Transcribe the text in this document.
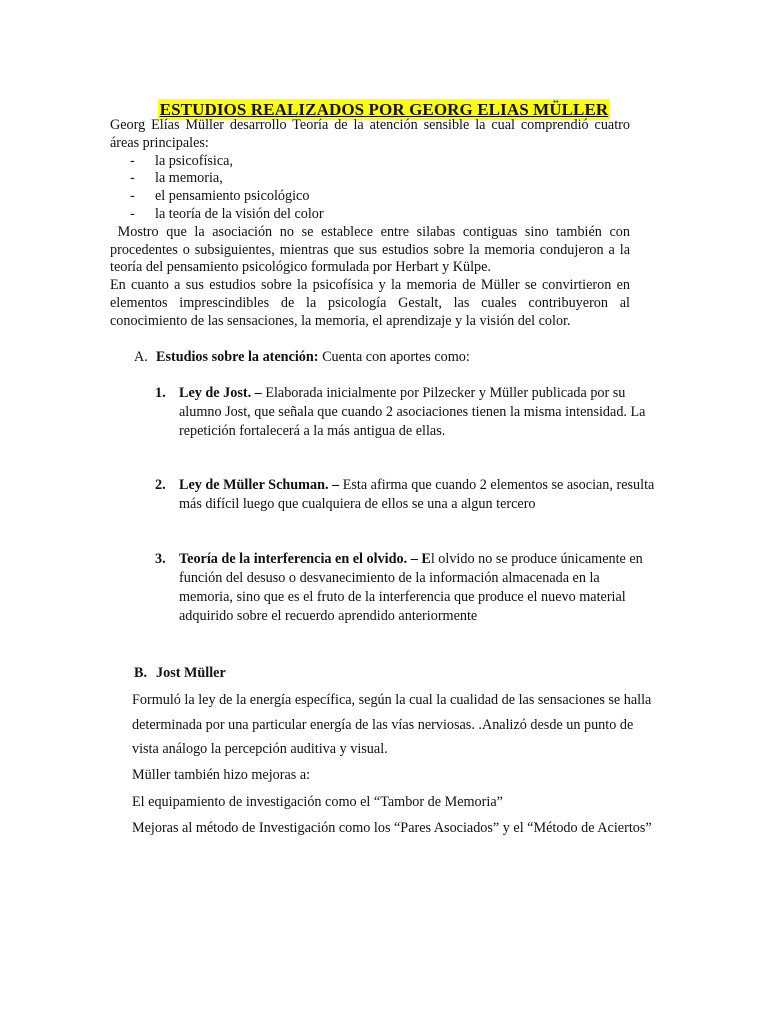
ESTUDIOS REALIZADOS POR GEORG ELIAS MÜLLER

Georg Elías Müller desarrollo Teoría de la atención sensible la cual comprendió cuatro áreas principales:

- la psicofísica,
- la memoria,
- el pensamiento psicológico
- la teoría de la visión del color

Mostro que la asociación no se establece entre silabas contiguas sino también con procedentes o subsiguientes, mientras que sus estudios sobre la memoria condujeron a la teoría del pensamiento psicológico formulada por Herbart y Külpe.

En cuanto a sus estudios sobre la psicofísica y la memoria de Müller se convirtieron en elementos imprescindibles de la psicología Gestalt, las cuales contribuyeron al conocimiento de las sensaciones, la memoria, el aprendizaje y la visión del color.

A. Estudios sobre la atención: Cuenta con aportes como:
1. Ley de Jost. – Elaborada inicialmente por Pilzecker y Müller publicada por su alumno Jost, que señala que cuando 2 asociaciones tienen la misma intensidad. La repetición fortalecerá a la más antigua de ellas.
2. Ley de Müller Schuman. – Esta afirma que cuando 2 elementos se asocian, resulta más difícil luego que cualquiera de ellos se una a algun tercero
3. Teoría de la interferencia en el olvido. – El olvido no se produce únicamente en función del desuso o desvanecimiento de la información almacenada en la memoria, sino que es el fruto de la interferencia que produce el nuevo material adquirido sobre el recuerdo aprendido anteriormente
B. Jost Müller

Formuló la ley de la energía específica, según la cual la cualidad de las sensaciones se halla determinada por una particular energía de las vías nerviosas. .Analizó desde un punto de vista análogo la percepción auditiva y visual.

Müller también hizo mejoras a:

El equipamiento de investigación como el “Tambor de Memoria”

Mejoras al método de Investigación como los “Pares Asociados” y el “Método de Aciertos”
